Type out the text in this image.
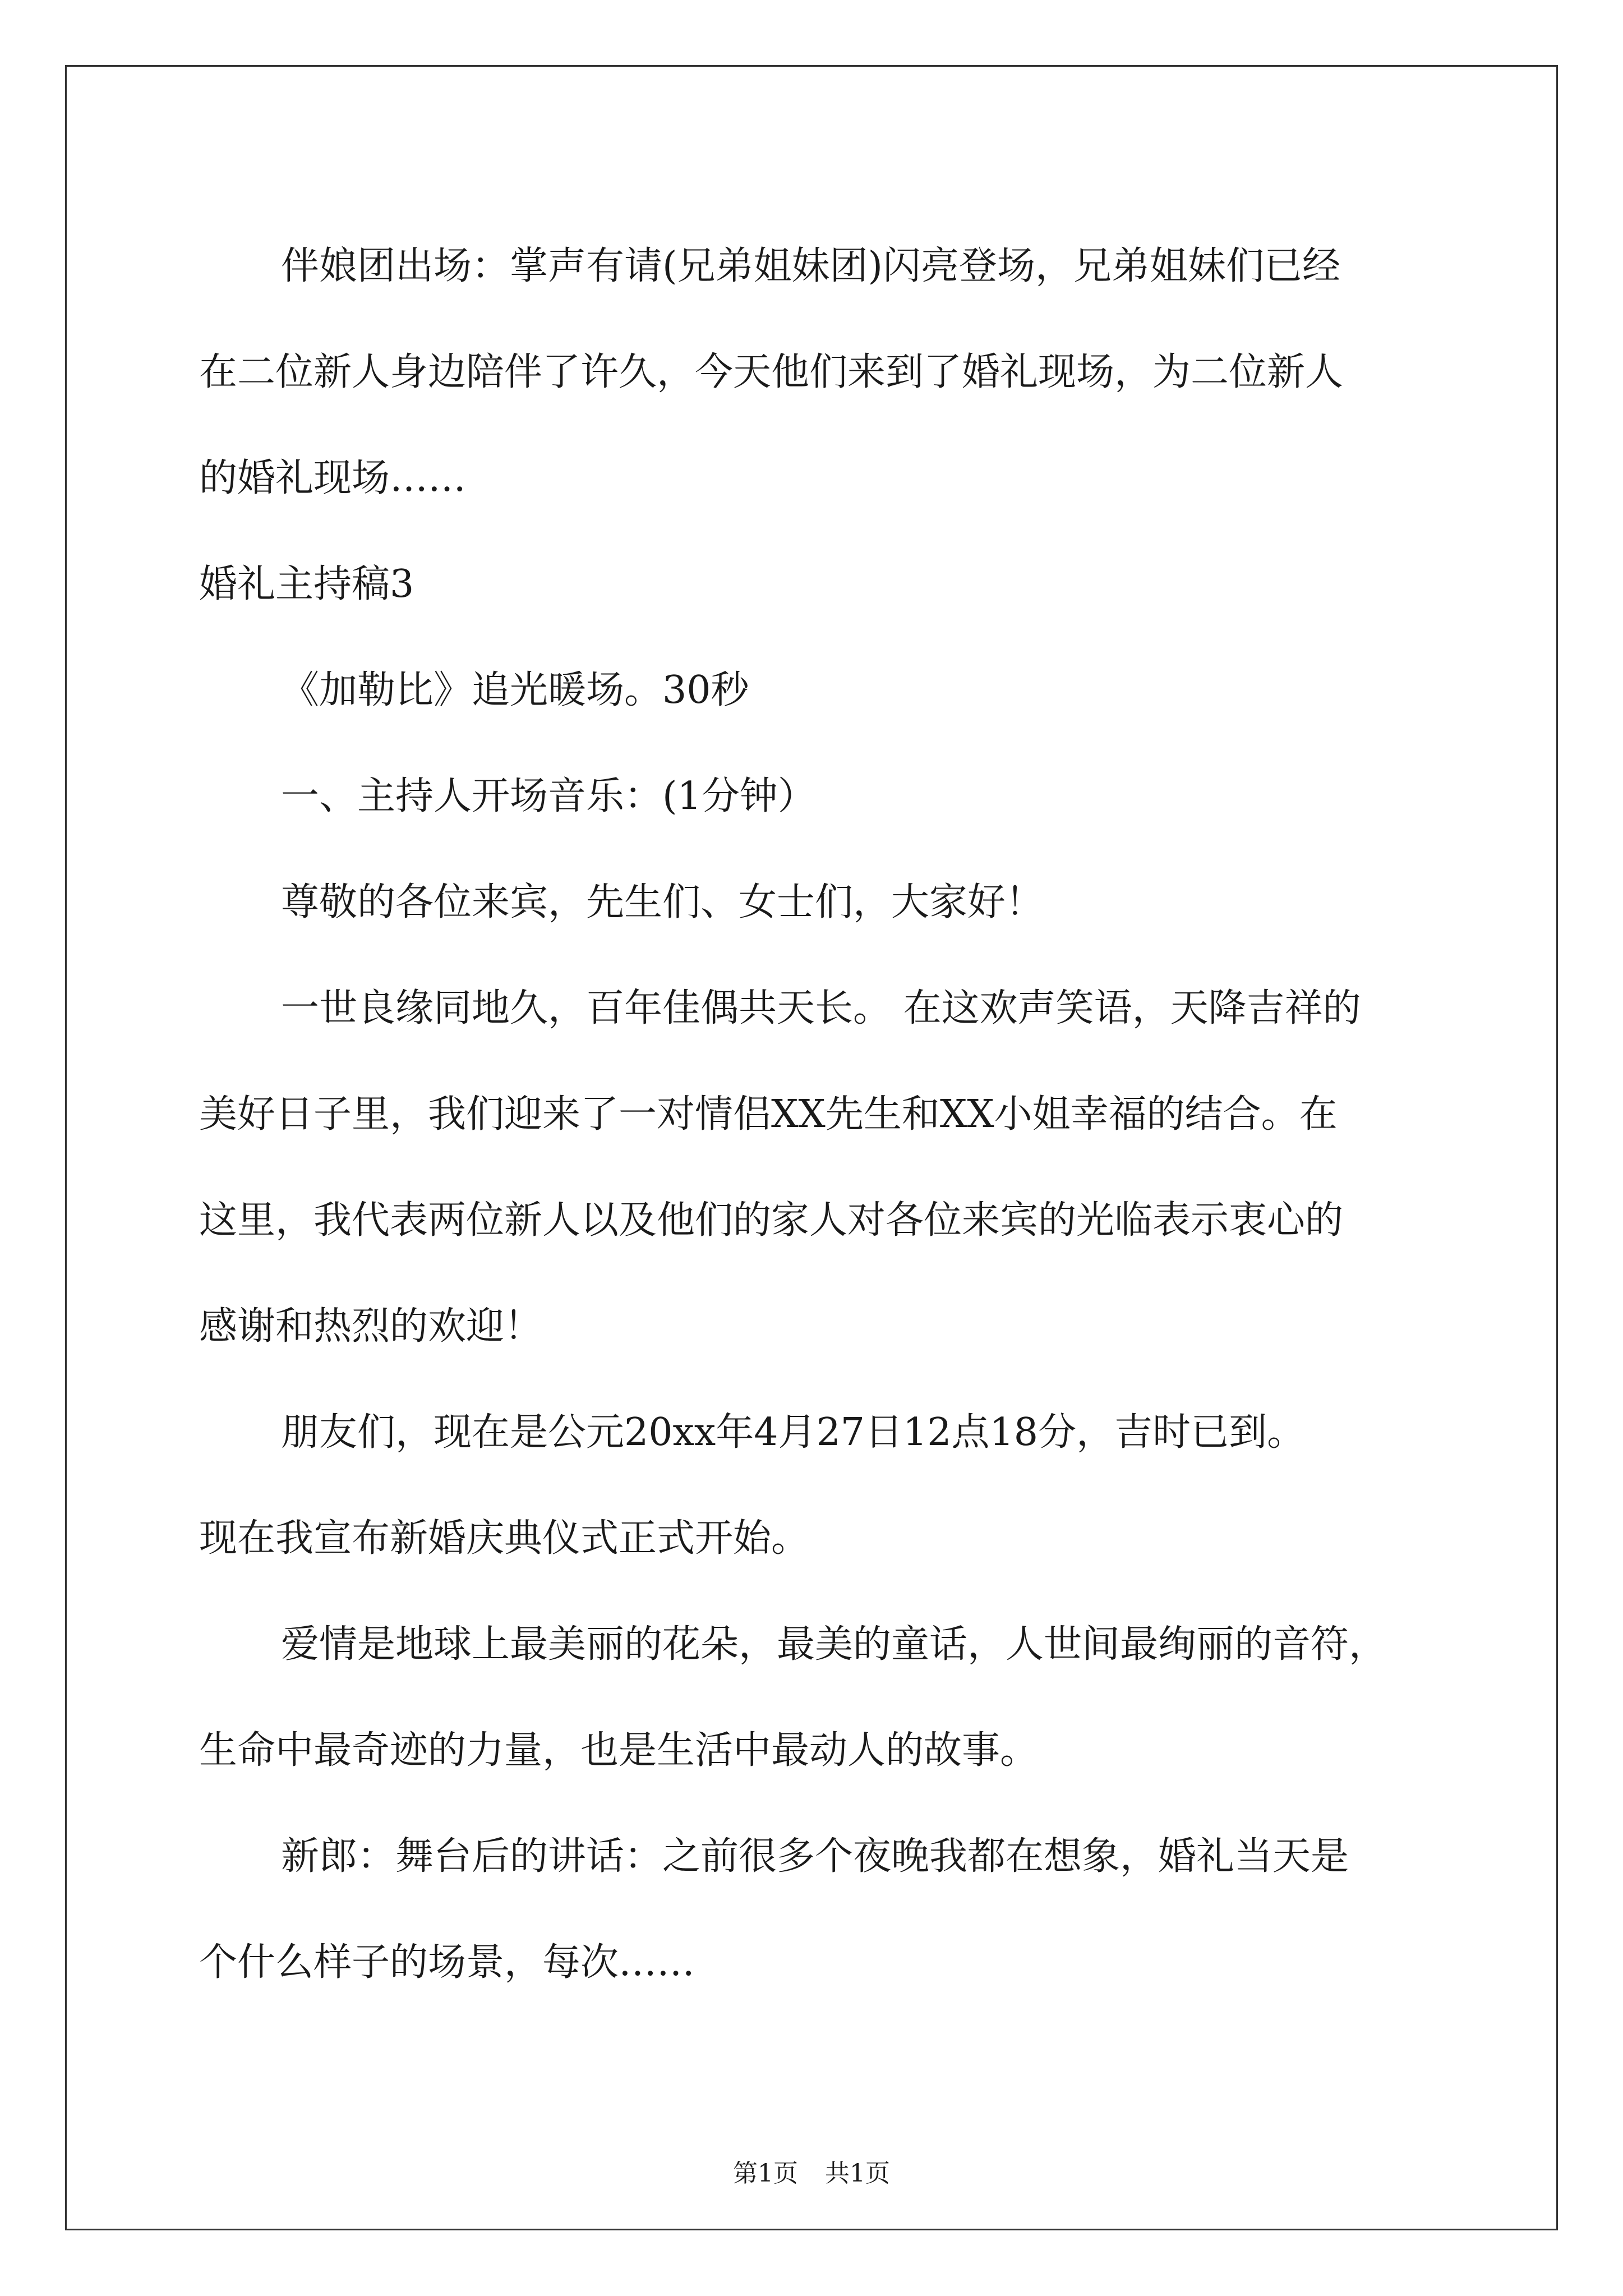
伴娘团出场：掌声有请(兄弟姐妹团)闪亮登场，兄弟姐妹们已经
在二位新人身边陪伴了许久，今天他们来到了婚礼现场，为二位新人
的婚礼现场……
婚礼主持稿3
《加勒比》追光暖场。30秒
一、主持人开场音乐：(1分钟）
尊敬的各位来宾，先生们、女士们，大家好！
一世良缘同地久，百年佳偶共天长。 在这欢声笑语，天降吉祥的
美好日子里，我们迎来了一对情侣XX先生和XX小姐幸福的结合。在
这里，我代表两位新人以及他们的家人对各位来宾的光临表示衷心的
感谢和热烈的欢迎！
朋友们，现在是公元20xx年4月27日12点18分，吉时已到。
现在我宣布新婚庆典仪式正式开始。
爱情是地球上最美丽的花朵，最美的童话，人世间最绚丽的音符，
生命中最奇迹的力量，也是生活中最动人的故事。
新郎：舞台后的讲话：之前很多个夜晚我都在想象，婚礼当天是
个什么样子的场景，每次……
第1页 共1页
